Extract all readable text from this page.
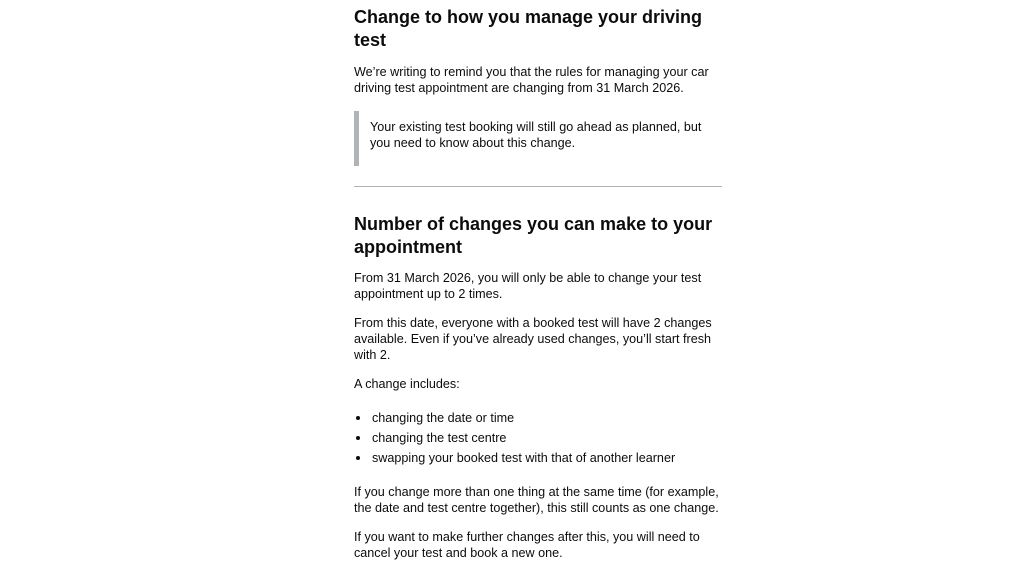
Change to how you manage your driving test

We’re writing to remind you that the rules for managing your car driving test appointment are changing from 31 March 2026.

Your existing test booking will still go ahead as planned, but you need to know about this change.

Number of changes you can make to your appointment

From 31 March 2026, you will only be able to change your test appointment up to 2 times.

From this date, everyone with a booked test will have 2 changes available. Even if you’ve already used changes, you’ll start fresh with 2.

A change includes:

changing the date or time
changing the test centre
swapping your booked test with that of another learner

If you change more than one thing at the same time (for example, the date and test centre together), this still counts as one change.

If you want to make further changes after this, you will need to cancel your test and book a new one.
